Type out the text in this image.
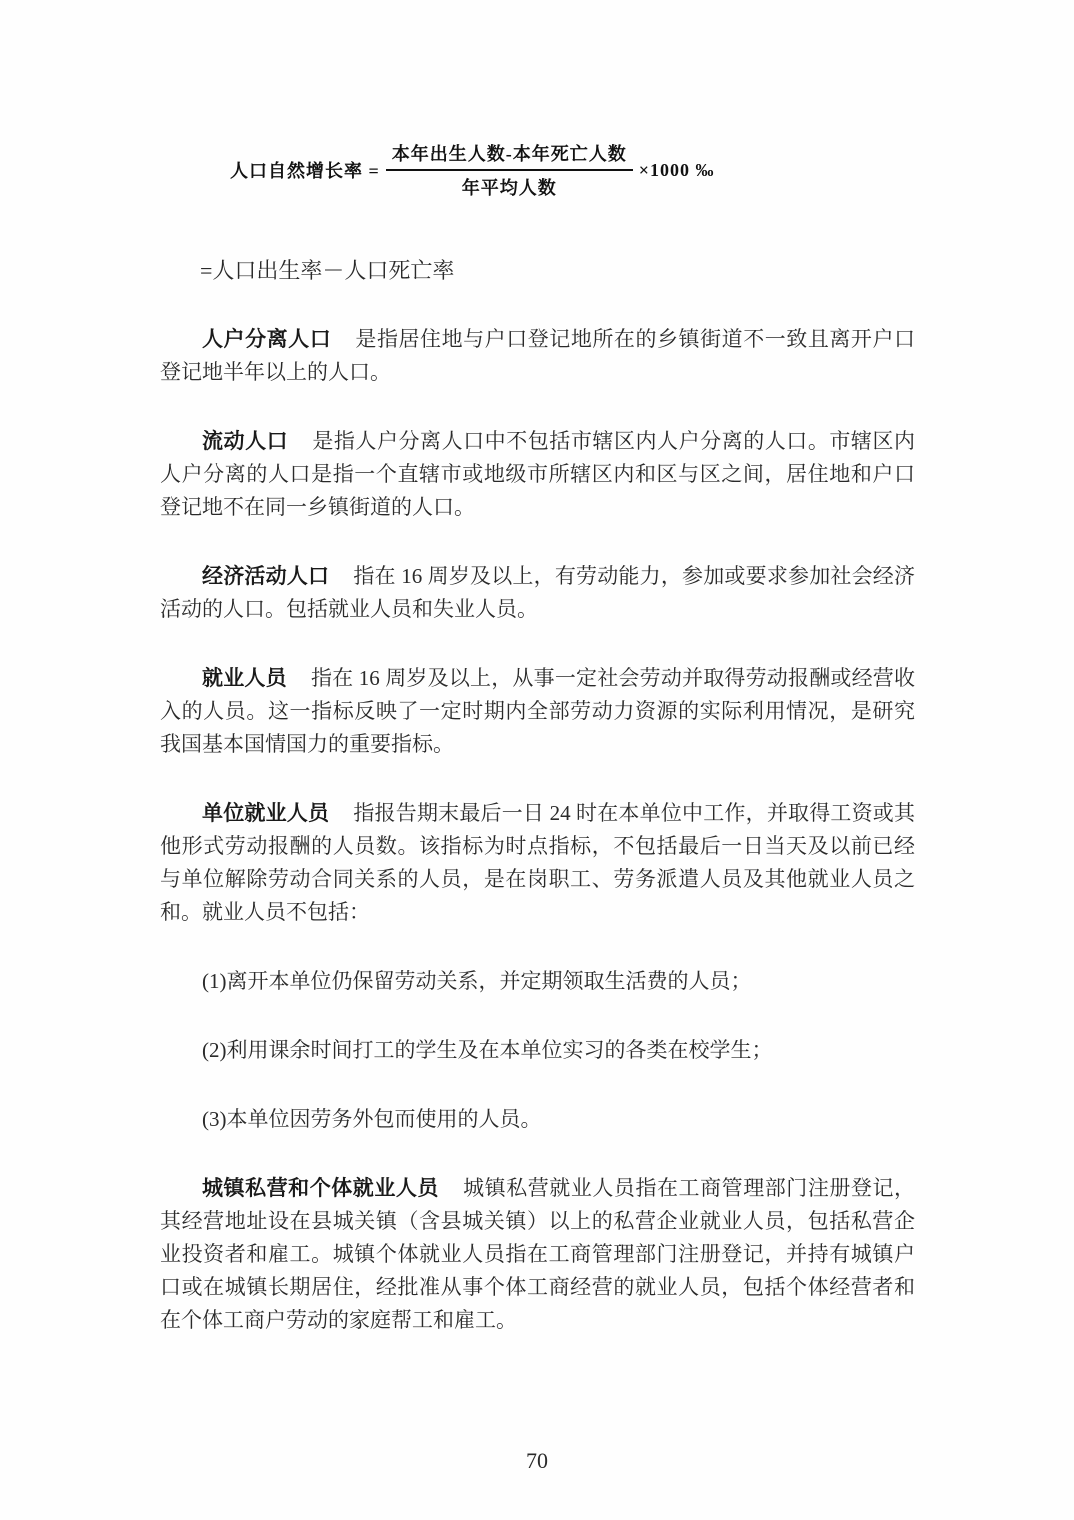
人口自然增长率 = $\frac{\text{本年出生人数-本年死亡人数}}{\text{年平均人数}} \times 1000$ ‰
=人口出生率－人口死亡率

人户分离人口 是指居住地与户口登记地所在的乡镇街道不一致且离开户口登记地半年以上的人口。

流动人口 是指人户分离人口中不包括市辖区内人户分离的人口。市辖区内人户分离的人口是指一个直辖市或地级市所辖区内和区与区之间，居住地和户口登记地不在同一乡镇街道的人口。

经济活动人口 指在 16 周岁及以上，有劳动能力，参加或要求参加社会经济活动的人口。包括就业人员和失业人员。

就业人员 指在 16 周岁及以上，从事一定社会劳动并取得劳动报酬或经营收入的人员。这一指标反映了一定时期内全部劳动力资源的实际利用情况，是研究我国基本国情国力的重要指标。

单位就业人员 指报告期末最后一日 24 时在本单位中工作，并取得工资或其他形式劳动报酬的人员数。该指标为时点指标，不包括最后一日当天及以前已经与单位解除劳动合同关系的人员，是在岗职工、劳务派遣人员及其他就业人员之和。就业人员不包括：

(1)离开本单位仍保留劳动关系，并定期领取生活费的人员；

(2)利用课余时间打工的学生及在本单位实习的各类在校学生；

(3)本单位因劳务外包而使用的人员。

城镇私营和个体就业人员 城镇私营就业人员指在工商管理部门注册登记，其经营地址设在县城关镇（含县城关镇）以上的私营企业就业人员，包括私营企业投资者和雇工。城镇个体就业人员指在工商管理部门注册登记，并持有城镇户口或在城镇长期居住，经批准从事个体工商经营的就业人员，包括个体经营者和在个体工商户劳动的家庭帮工和雇工。

70
